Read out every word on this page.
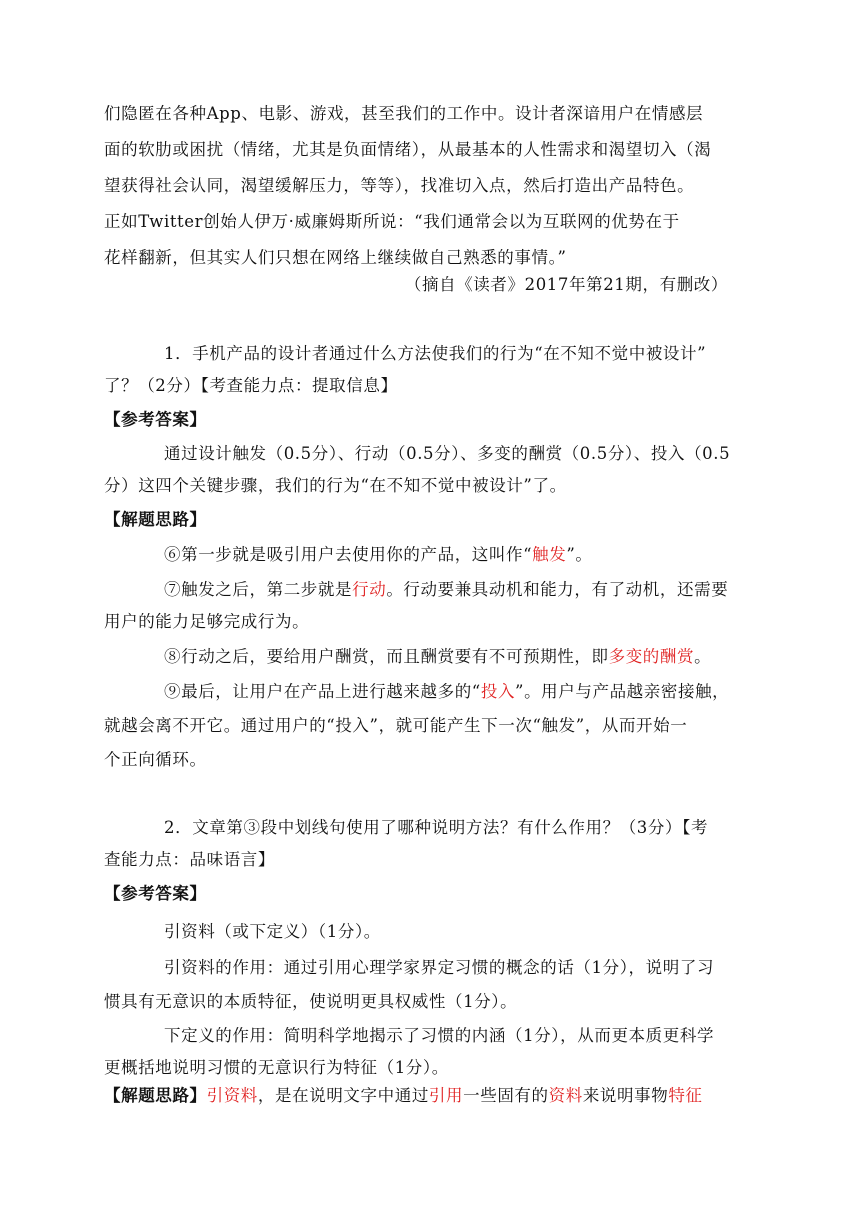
们隐匿在各种App、电影、游戏，甚至我们的工作中。设计者深谙用户在情感层
面的软肋或困扰（情绪，尤其是负面情绪），从最基本的人性需求和渴望切入（渴
望获得社会认同，渴望缓解压力，等等），找准切入点，然后打造出产品特色。
正如Twitter创始人伊万·威廉姆斯所说：“我们通常会以为互联网的优势在于
花样翻新，但其实人们只想在网络上继续做自己熟悉的事情。”
（摘自《读者》2017年第21期，有删改）
1．手机产品的设计者通过什么方法使我们的行为“在不知不觉中被设计”
了？（2分）【考查能力点：提取信息】
【参考答案】
通过设计触发（0.5分）、行动（0.5分）、多变的酬赏（0.5分）、投入（0.5
分）这四个关键步骤，我们的行为“在不知不觉中被设计”了。
【解题思路】
⑥第一步就是吸引用户去使用你的产品，这叫作“触发”。
⑦触发之后，第二步就是行动。行动要兼具动机和能力，有了动机，还需要
用户的能力足够完成行为。
⑧行动之后，要给用户酬赏，而且酬赏要有不可预期性，即多变的酬赏。
⑨最后，让用户在产品上进行越来越多的“投入”。用户与产品越亲密接触，
就越会离不开它。通过用户的“投入”，就可能产生下一次“触发”，从而开始一
个正向循环。
2．文章第③段中划线句使用了哪种说明方法？有什么作用？（3分）【考
查能力点：品味语言】
【参考答案】
引资料（或下定义）（1分）。
引资料的作用：通过引用心理学家界定习惯的概念的话（1分），说明了习
惯具有无意识的本质特征，使说明更具权威性（1分）。
下定义的作用：简明科学地揭示了习惯的内涵（1分），从而更本质更科学
更概括地说明习惯的无意识行为特征（1分）。
【解题思路】引资料，是在说明文字中通过引用一些固有的资料来说明事物特征
